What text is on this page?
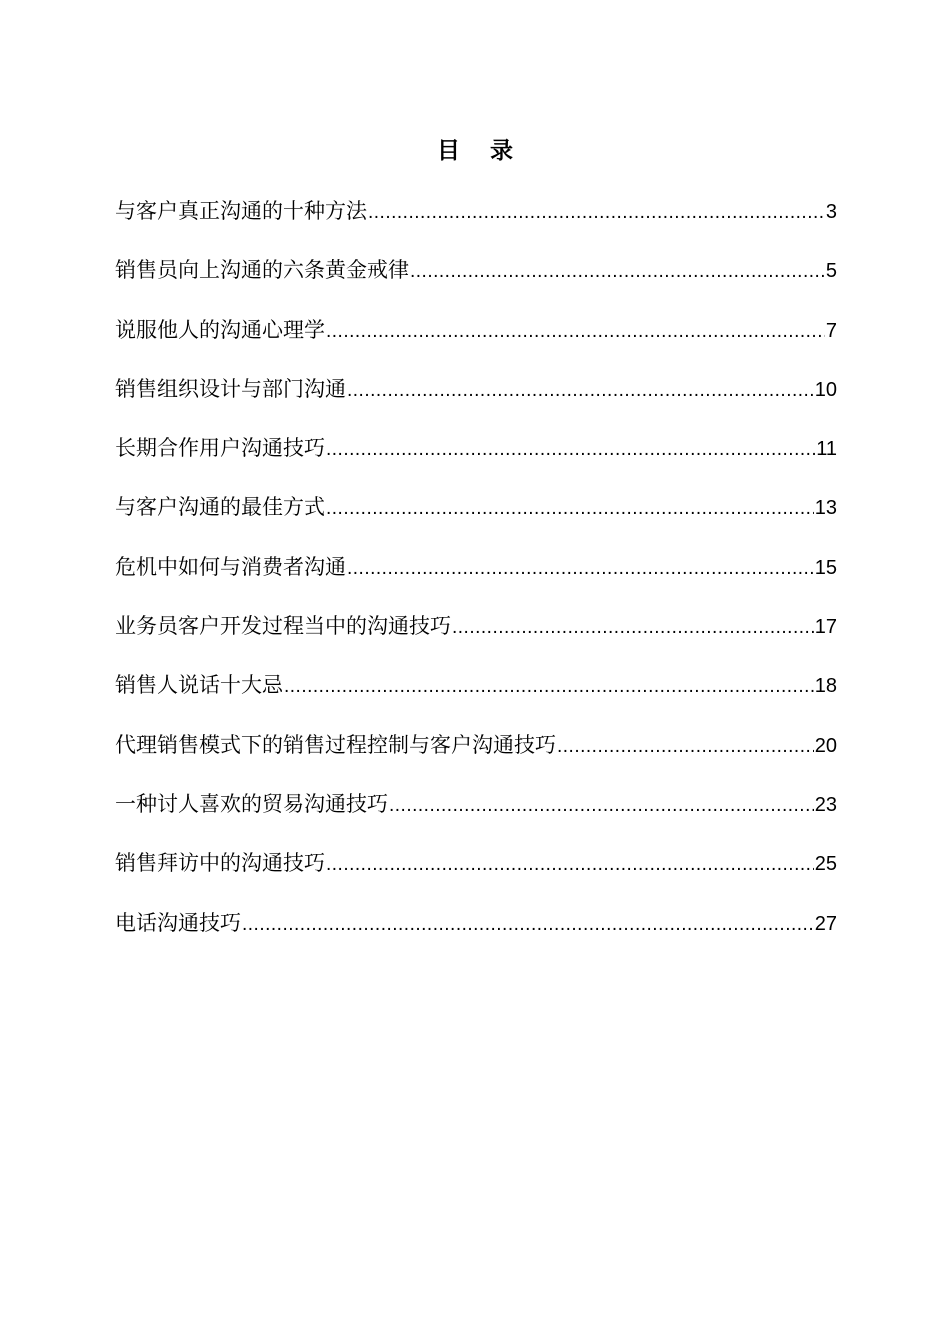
目录
与客户真正沟通的十种方法 .....	3
销售员向上沟通的六条黄金戒律 .....	5
说服他人的沟通心理学 .....	7
销售组织设计与部门沟通 .....	10
长期合作用户沟通技巧 .....	11
与客户沟通的最佳方式 .....	13
危机中如何与消费者沟通 .....	15
业务员客户开发过程当中的沟通技巧 .....	17
销售人说话十大忌 .....	18
代理销售模式下的销售过程控制与客户沟通技巧 .....	20
一种讨人喜欢的贸易沟通技巧 .....	23
销售拜访中的沟通技巧 .....	25
电话沟通技巧 .....	27
